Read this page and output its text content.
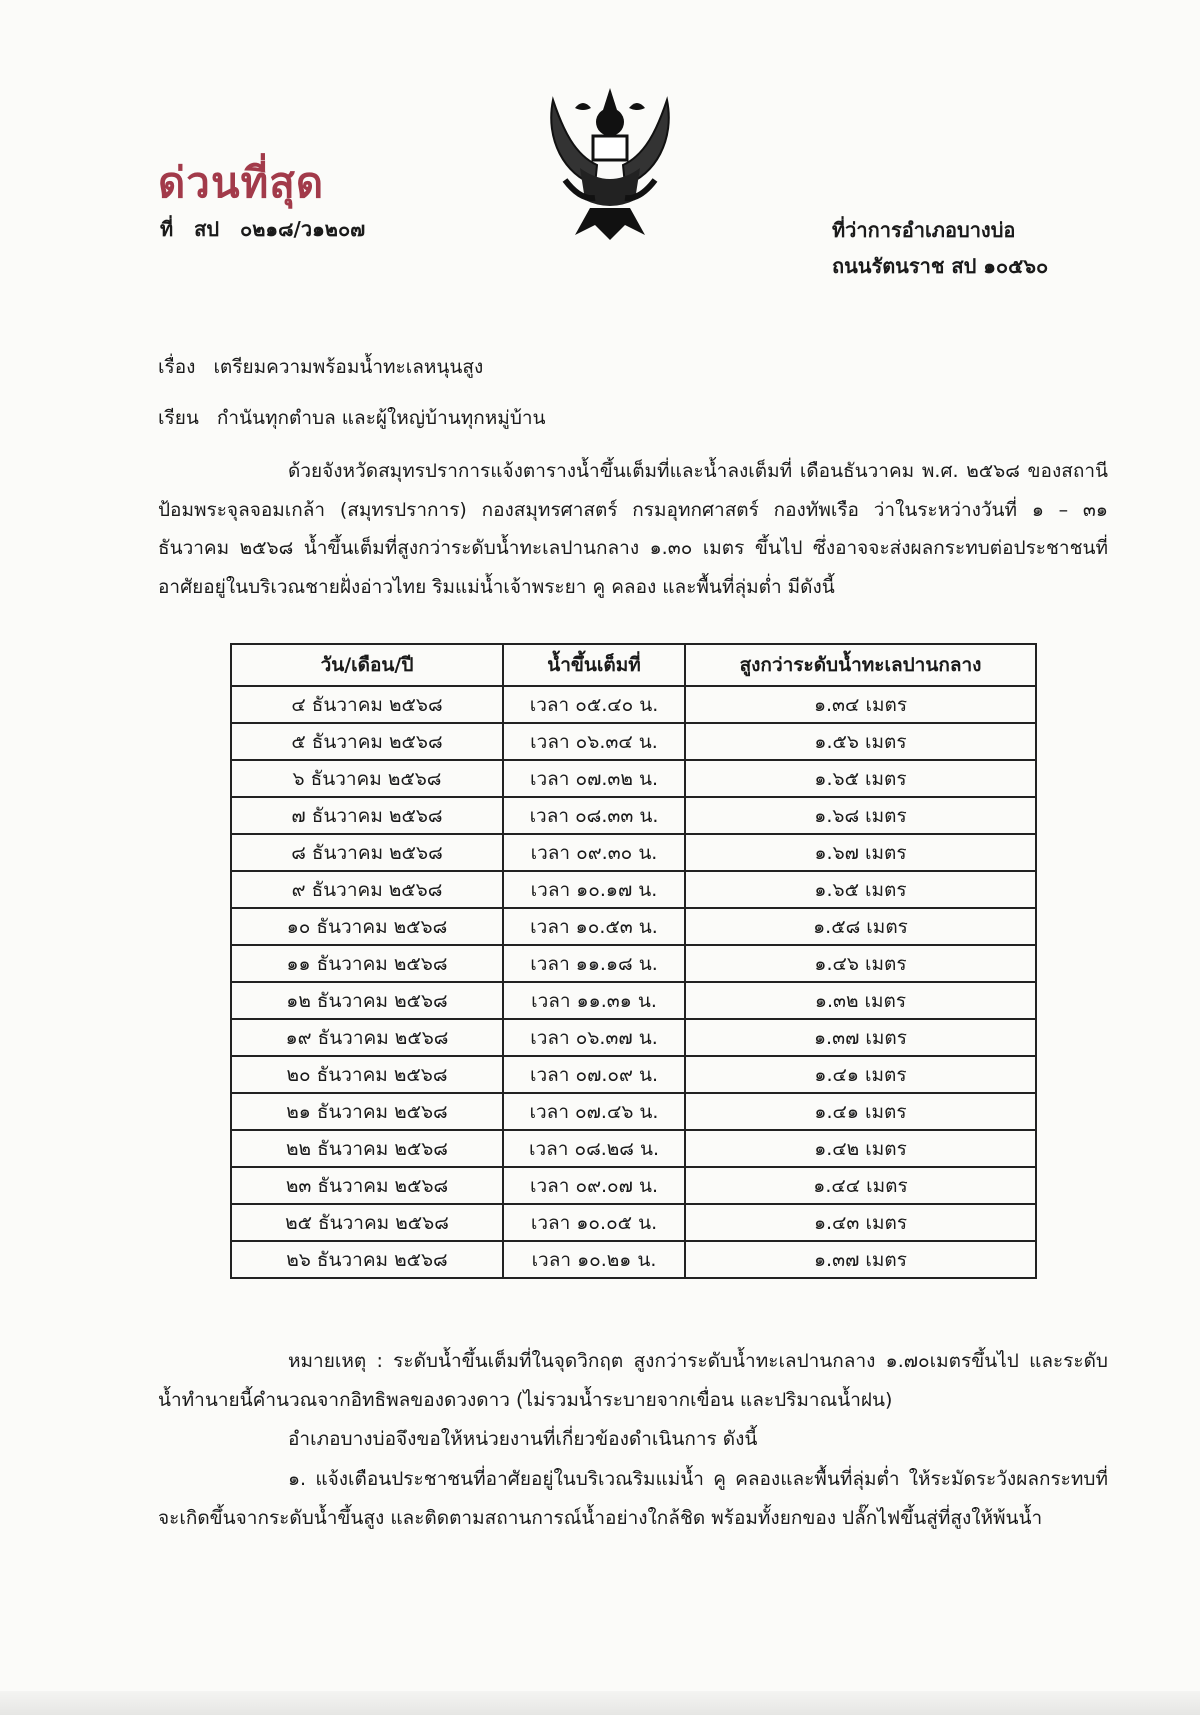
ด่วนที่สุด
ที่ สป ๐๒๑๘/ว๑๒๐๗	ที่ว่าการอำเภอบางบ่อ
ถนนรัตนราช สป ๑๐๕๖๐
เรื่อง เตรียมความพร้อมน้ำทะเลหนุนสูง
เรียน กำนันทุกตำบล และผู้ใหญ่บ้านทุกหมู่บ้าน
ด้วยจังหวัดสมุทรปราการแจ้งตารางน้ำขึ้นเต็มที่และน้ำลงเต็มที่ เดือนธันวาคม พ.ศ. ๒๕๖๘ ของสถานีป้อมพระจุลจอมเกล้า (สมุทรปราการ) กองสมุทรศาสตร์ กรมอุทกศาสตร์ กองทัพเรือ ว่าในระหว่างวันที่ ๑ – ๓๑ ธันวาคม ๒๕๖๘ น้ำขึ้นเต็มที่สูงกว่าระดับน้ำทะเลปานกลาง ๑.๓๐ เมตร ขึ้นไป ซึ่งอาจจะส่งผลกระทบต่อประชาชนที่อาศัยอยู่ในบริเวณชายฝั่งอ่าวไทย ริมแม่น้ำเจ้าพระยา คู คลอง และพื้นที่ลุ่มต่ำ มีดังนี้
วัน/เดือน/ปี	น้ำขึ้นเต็มที่	สูงกว่าระดับน้ำทะเลปานกลาง
๔ ธันวาคม ๒๕๖๘	เวลา ๐๕.๔๐ น.	๑.๓๔ เมตร
๕ ธันวาคม ๒๕๖๘	เวลา ๐๖.๓๔ น.	๑.๕๖ เมตร
๖ ธันวาคม ๒๕๖๘	เวลา ๐๗.๓๒ น.	๑.๖๕ เมตร
๗ ธันวาคม ๒๕๖๘	เวลา ๐๘.๓๓ น.	๑.๖๘ เมตร
๘ ธันวาคม ๒๕๖๘	เวลา ๐๙.๓๐ น.	๑.๖๗ เมตร
๙ ธันวาคม ๒๕๖๘	เวลา ๑๐.๑๗ น.	๑.๖๕ เมตร
๑๐ ธันวาคม ๒๕๖๘	เวลา ๑๐.๕๓ น.	๑.๕๘ เมตร
๑๑ ธันวาคม ๒๕๖๘	เวลา ๑๑.๑๘ น.	๑.๔๖ เมตร
๑๒ ธันวาคม ๒๕๖๘	เวลา ๑๑.๓๑ น.	๑.๓๒ เมตร
๑๙ ธันวาคม ๒๕๖๘	เวลา ๐๖.๓๗ น.	๑.๓๗ เมตร
๒๐ ธันวาคม ๒๕๖๘	เวลา ๐๗.๐๙ น.	๑.๔๑ เมตร
๒๑ ธันวาคม ๒๕๖๘	เวลา ๐๗.๔๖ น.	๑.๔๑ เมตร
๒๒ ธันวาคม ๒๕๖๘	เวลา ๐๘.๒๘ น.	๑.๔๒ เมตร
๒๓ ธันวาคม ๒๕๖๘	เวลา ๐๙.๐๗ น.	๑.๔๔ เมตร
๒๕ ธันวาคม ๒๕๖๘	เวลา ๑๐.๐๕ น.	๑.๔๓ เมตร
๒๖ ธันวาคม ๒๕๖๘	เวลา ๑๐.๒๑ น.	๑.๓๗ เมตร
หมายเหตุ : ระดับน้ำขึ้นเต็มที่ในจุดวิกฤต สูงกว่าระดับน้ำทะเลปานกลาง ๑.๗๐เมตรขึ้นไป และระดับน้ำทำนายนี้คำนวณจากอิทธิพลของดวงดาว (ไม่รวมน้ำระบายจากเขื่อน และปริมาณน้ำฝน)
อำเภอบางบ่อจึงขอให้หน่วยงานที่เกี่ยวข้องดำเนินการ ดังนี้
๑. แจ้งเตือนประชาชนที่อาศัยอยู่ในบริเวณริมแม่น้ำ คู คลองและพื้นที่ลุ่มต่ำ ให้ระมัดระวังผลกระทบที่จะเกิดขึ้นจากระดับน้ำขึ้นสูง และติดตามสถานการณ์น้ำอย่างใกล้ชิด พร้อมทั้งยกของ ปลั๊กไฟขึ้นสู่ที่สูงให้พ้นน้ำ
